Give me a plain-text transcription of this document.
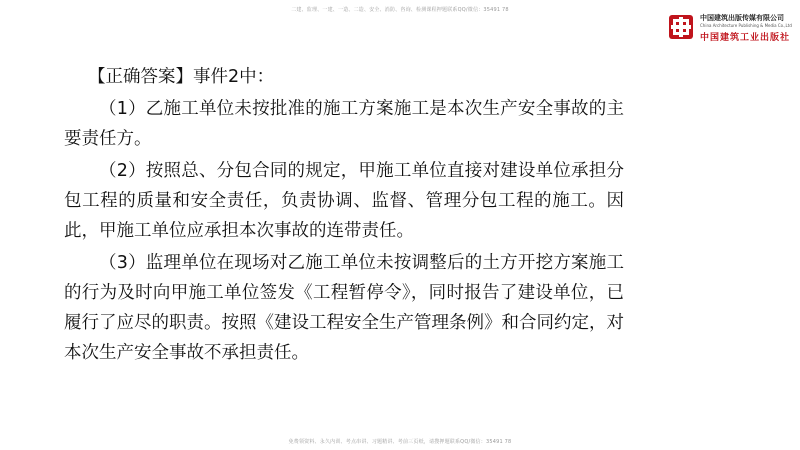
二建、监理、一建、一造、二造、安全、消防、咨询、检测课程押题联系QQ/微信：35491 78
中国建筑出版传媒有限公司
China Architecture Publishing & Media Co.,Ltd
中国建筑工业出版社

【正确答案】事件2中：

（1）乙施工单位未按批准的施工方案施工是本次生产安全事故的主要责任方。

（2）按照总、分包合同的规定，甲施工单位直接对建设单位承担分包工程的质量和安全责任，负责协调、监督、管理分包工程的施工。因此，甲施工单位应承担本次事故的连带责任。

（3）监理单位在现场对乙施工单位未按调整后的土方开挖方案施工的行为及时向甲施工单位签发《工程暂停令》，同时报告了建设单位，已履行了应尽的职责。按照《建设工程安全生产管理条例》和合同约定，对本次生产安全事故不承担责任。

免费领资料、永久内训、考点串讲、习题精讲、考前三页纸，请搜押题联系QQ/微信：35491 78
